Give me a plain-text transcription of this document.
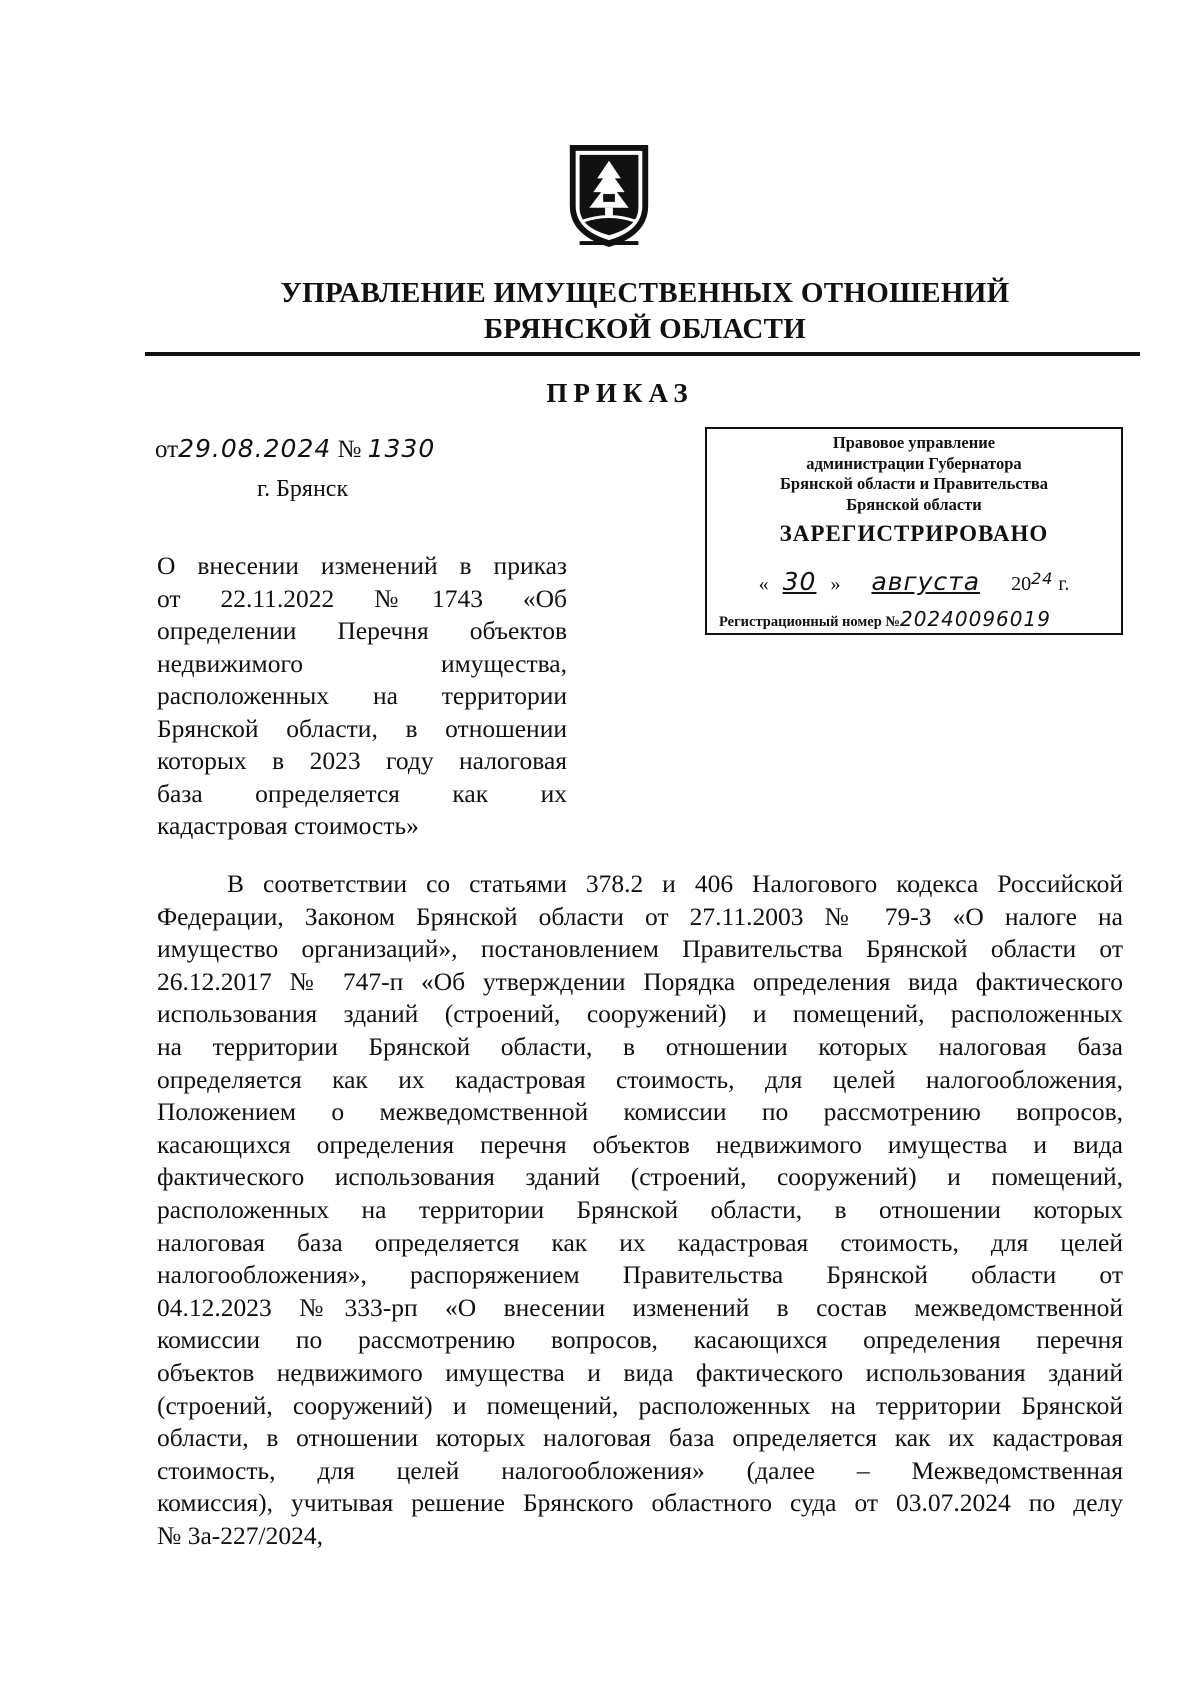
УПРАВЛЕНИЕ ИМУЩЕСТВЕННЫХ ОТНОШЕНИЙ
БРЯНСКОЙ ОБЛАСТИ
ПРИКАЗ
от29.08.2024 № 1330
г. Брянск
Правовое управление
администрации Губернатора
Брянской области и Правительства
Брянской области
ЗАРЕГИСТРИРОВАНО
« 30 » августа $20^{24}$ г.
Регистрационный номер №20240096019
О внесении изменений в приказ
от 22.11.2022 №1743 «Об
определении Перечня объектов
недвижимого имущества,
расположенных на территории
Брянской области, в отношении
которых в 2023 году налоговая
база определяется как их
кадастровая стоимость»
В соответствии со статьями 378.2 и 406 Налогового кодекса Российской
Федерации, Законом Брянской области от 27.11.2003 № 79-З «О налоге на
имущество организаций», постановлением Правительства Брянской области от
26.12.2017 № 747-п «Об утверждении Порядка определения вида фактического
использования зданий (строений, сооружений) и помещений, расположенных
на территории Брянской области, в отношении которых налоговая база
определяется как их кадастровая стоимость, для целей налогообложения,
Положением о межведомственной комиссии по рассмотрению вопросов,
касающихся определения перечня объектов недвижимого имущества и вида
фактического использования зданий (строений, сооружений) и помещений,
расположенных на территории Брянской области, в отношении которых
налоговая база определяется как их кадастровая стоимость, для целей
налогообложения», распоряжением Правительства Брянской области от
04.12.2023 №333-рп «О внесении изменений в состав межведомственной
комиссии по рассмотрению вопросов, касающихся определения перечня
объектов недвижимого имущества и вида фактического использования зданий
(строений, сооружений) и помещений, расположенных на территории Брянской
области, в отношении которых налоговая база определяется как их кадастровая
стоимость, для целей налогообложения» (далее – Межведомственная
комиссия), учитывая решение Брянского областного суда от 03.07.2024 по делу
№ 3а-227/2024,
